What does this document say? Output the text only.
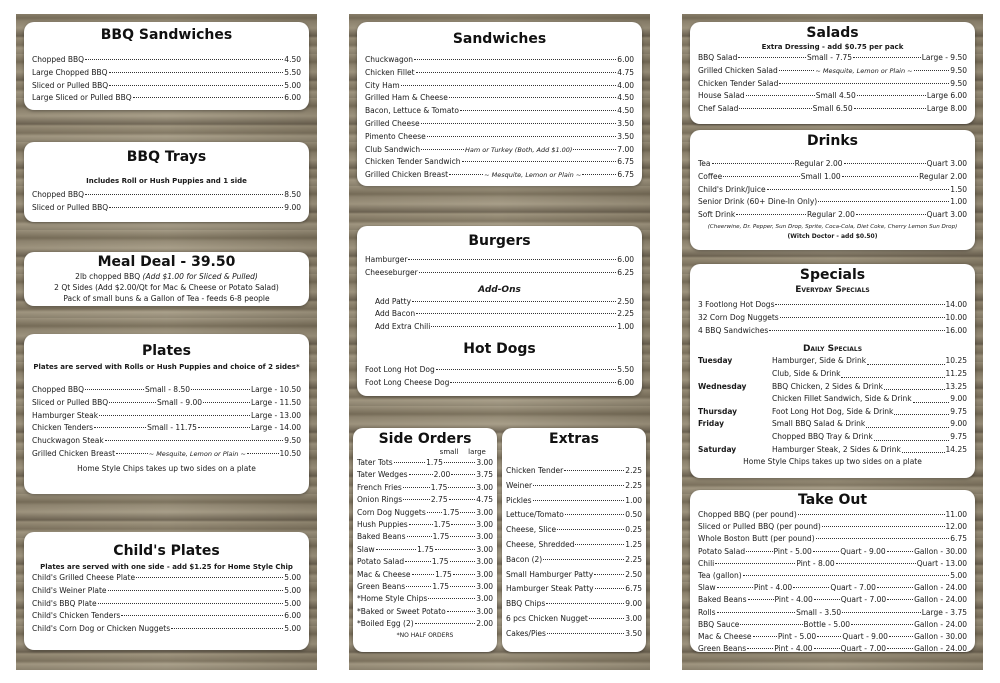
BBQ Sandwiches
Chopped BBQ	4.50
Large Chopped BBQ	5.50
Sliced or Pulled BBQ	5.00
Large Sliced or Pulled BBQ	6.00
BBQ Trays
Includes Roll or Hush Puppies and 1 side
Chopped BBQ	8.50
Sliced or Pulled BBQ	9.00
Meal Deal - 39.50
2lb chopped BBQ (Add $1.00 for Sliced & Pulled)
2 Qt Sides (Add $2.00/Qt for Mac & Cheese or Potato Salad)
Pack of small buns & a Gallon of Tea - feeds 6-8 people
Plates
Plates are served with Rolls or Hush Puppies and choice of 2 sides*
Chopped BBQ	Small - 8.50	Large - 10.50
Sliced or Pulled BBQ	Small - 9.00	Large - 11.50
Hamburger Steak	Large - 13.00
Chicken Tenders	Small - 11.75	Large - 14.00
Chuckwagon Steak	9.50
Grilled Chicken Breast	~ Mesquite, Lemon or Plain ~	10.50
Home Style Chips takes up two sides on a plate
Child's Plates
Plates are served with one side - add $1.25 for Home Style Chip
Child's Grilled Cheese Plate	5.00
Child's Weiner Plate	5.00
Child's BBQ Plate	5.00
Child's Chicken Tenders	6.00
Child's Corn Dog or Chicken Nuggets	5.00
Sandwiches
Chuckwagon	6.00
Chicken Fillet	4.75
City Ham	4.00
Grilled Ham & Cheese	4.50
Bacon, Lettuce & Tomato	4.50
Grilled Cheese	3.50
Pimento Cheese	3.50
Club Sandwich	Ham or Turkey (Both, Add $1.00)	7.00
Chicken Tender Sandwich	6.75
Grilled Chicken Breast	~ Mesquite, Lemon or Plain ~	6.75
Burgers
Hamburger	6.00
Cheeseburger	6.25
Add-Ons
Add Patty	2.50
Add Bacon	2.25
Add Extra Chili	1.00
Hot Dogs
Foot Long Hot Dog	5.50
Foot Long Cheese Dog	6.00
Side Orders
small	large
Tater Tots	1.75	3.00
Tater Wedges	2.00	3.75
French Fries	1.75	3.00
Onion Rings	2.75	4.75
Corn Dog Nuggets 1.75 3.00
Hush Puppies	1.75	3.00
Baked Beans	1.75	3.00
Slaw	1.75	3.00
Potato Salad	1.75	3.00
Mac & Cheese	1.75	3.00
Green Beans	1.75	3.00
*Home Style Chips	3.00
*Baked or Sweet Potato	3.00
*Boiled Egg (2)	2.00
*NO HALF ORDERS
Extras
Chicken Tender	2.25
Weiner	2.25
Pickles	1.00
Lettuce/Tomato	0.50
Cheese, Slice	0.25
Cheese, Shredded	1.25
Bacon (2)	2.25
Small Hamburger Patty	2.50
Hamburger Steak Patty	6.75
BBQ Chips	9.00
6 pcs Chicken Nugget	3.00
Cakes/Pies	3.50
Salads
Extra Dressing - add $0.75 per pack
BBQ Salad	Small - 7.75	Large - 9.50
Grilled Chicken Salad	~ Mesquite, Lemon or Plain ~	9.50
Chicken Tender Salad	9.50
House Salad	Small 4.50	Large 6.00
Chef Salad	Small 6.50	Large 8.00
Drinks
Tea	Regular 2.00	Quart 3.00
Coffee	Small 1.00	Regular 2.00
Child's Drink/Juice	1.50
Senior Drink (60+ Dine-In Only)	1.00
Soft Drink	Regular 2.00	Quart 3.00
(Cheerwine, Dr. Pepper, Sun Drop, Sprite, Coca-Cola, Diet Coke, Cherry Lemon Sun Drop)
(Witch Doctor - add $0.50)
Specials
Everyday Specials
3 Footlong Hot Dogs	14.00
32 Corn Dog Nuggets	10.00
4 BBQ Sandwiches	16.00
Daily Specials
Tuesday	Hamburger, Side & Drink	10.25
Club, Side & Drink	11.25
Wednesday	BBQ Chicken, 2 Sides & Drink	13.25
Chicken Fillet Sandwich, Side & Drink	9.00
Thursday	Foot Long Hot Dog, Side & Drink	9.75
Friday	Small BBQ Salad & Drink	9.00
Chopped BBQ Tray & Drink	9.75
Saturday	Hamburger Steak, 2 Sides & Drink	14.25
Home Style Chips takes up two sides on a plate
Take Out
Chopped BBQ (per pound)	11.00
Sliced or Pulled BBQ (per pound)	12.00
Whole Boston Butt (per pound)	6.75
Potato Salad	Pint - 5.00	Quart - 9.00	Gallon - 30.00
Chili	Pint - 8.00	Quart - 13.00
Tea (gallon)	5.00
Slaw	Pint - 4.00	Quart - 7.00	Gallon - 24.00
Baked Beans	Pint - 4.00	Quart - 7.00	Gallon - 24.00
Rolls	Small - 3.50	Large - 3.75
BBQ Sauce	Bottle - 5.00	Gallon - 24.00
Mac & Cheese	Pint - 5.00	Quart - 9.00	Gallon - 30.00
Green Beans	Pint - 4.00	Quart - 7.00	Gallon - 24.00
